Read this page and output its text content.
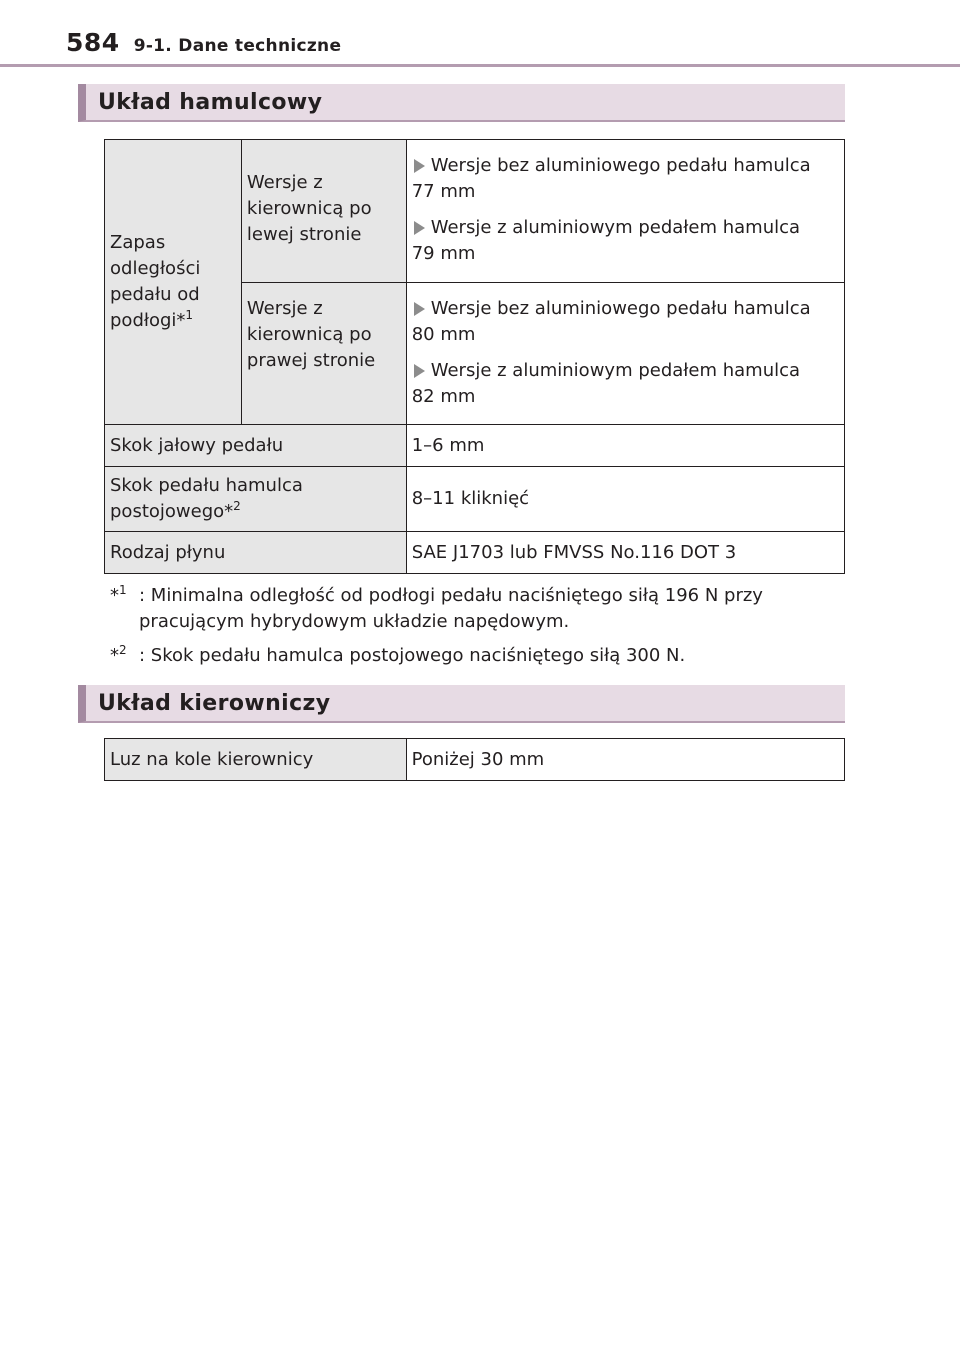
584 9-1. Dane techniczne
Układ hamulcowy
Zapas odległości pedału od podłogi*$^1$	Wersje z kierownicą po lewej stronie	Wersje bez aluminiowego pedału hamulca
77 mm
Wersje z aluminiowym pedałem hamulca
79 mm

	Wersje z kierownicą po prawej stronie	Wersje bez aluminiowego pedału hamulca
80 mm
Wersje z aluminiowym pedałem hamulca
82 mm

Skok jałowy pedału		1–6 mm
Skok pedału hamulca postojowego*$^2$		8–11 kliknięć
Rodzaj płynu		SAE J1703 lub FMVSS No.116 DOT 3
*$^1$ : Minimalna odległość od podłogi pedału naciśniętego siłą 196 N przy pracującym hybrydowym układzie napędowym.
*$^2$ : Skok pedału hamulca postojowego naciśniętego siłą 300 N.
Układ kierowniczy
Luz na kole kierownicy	Poniżej 30 mm
